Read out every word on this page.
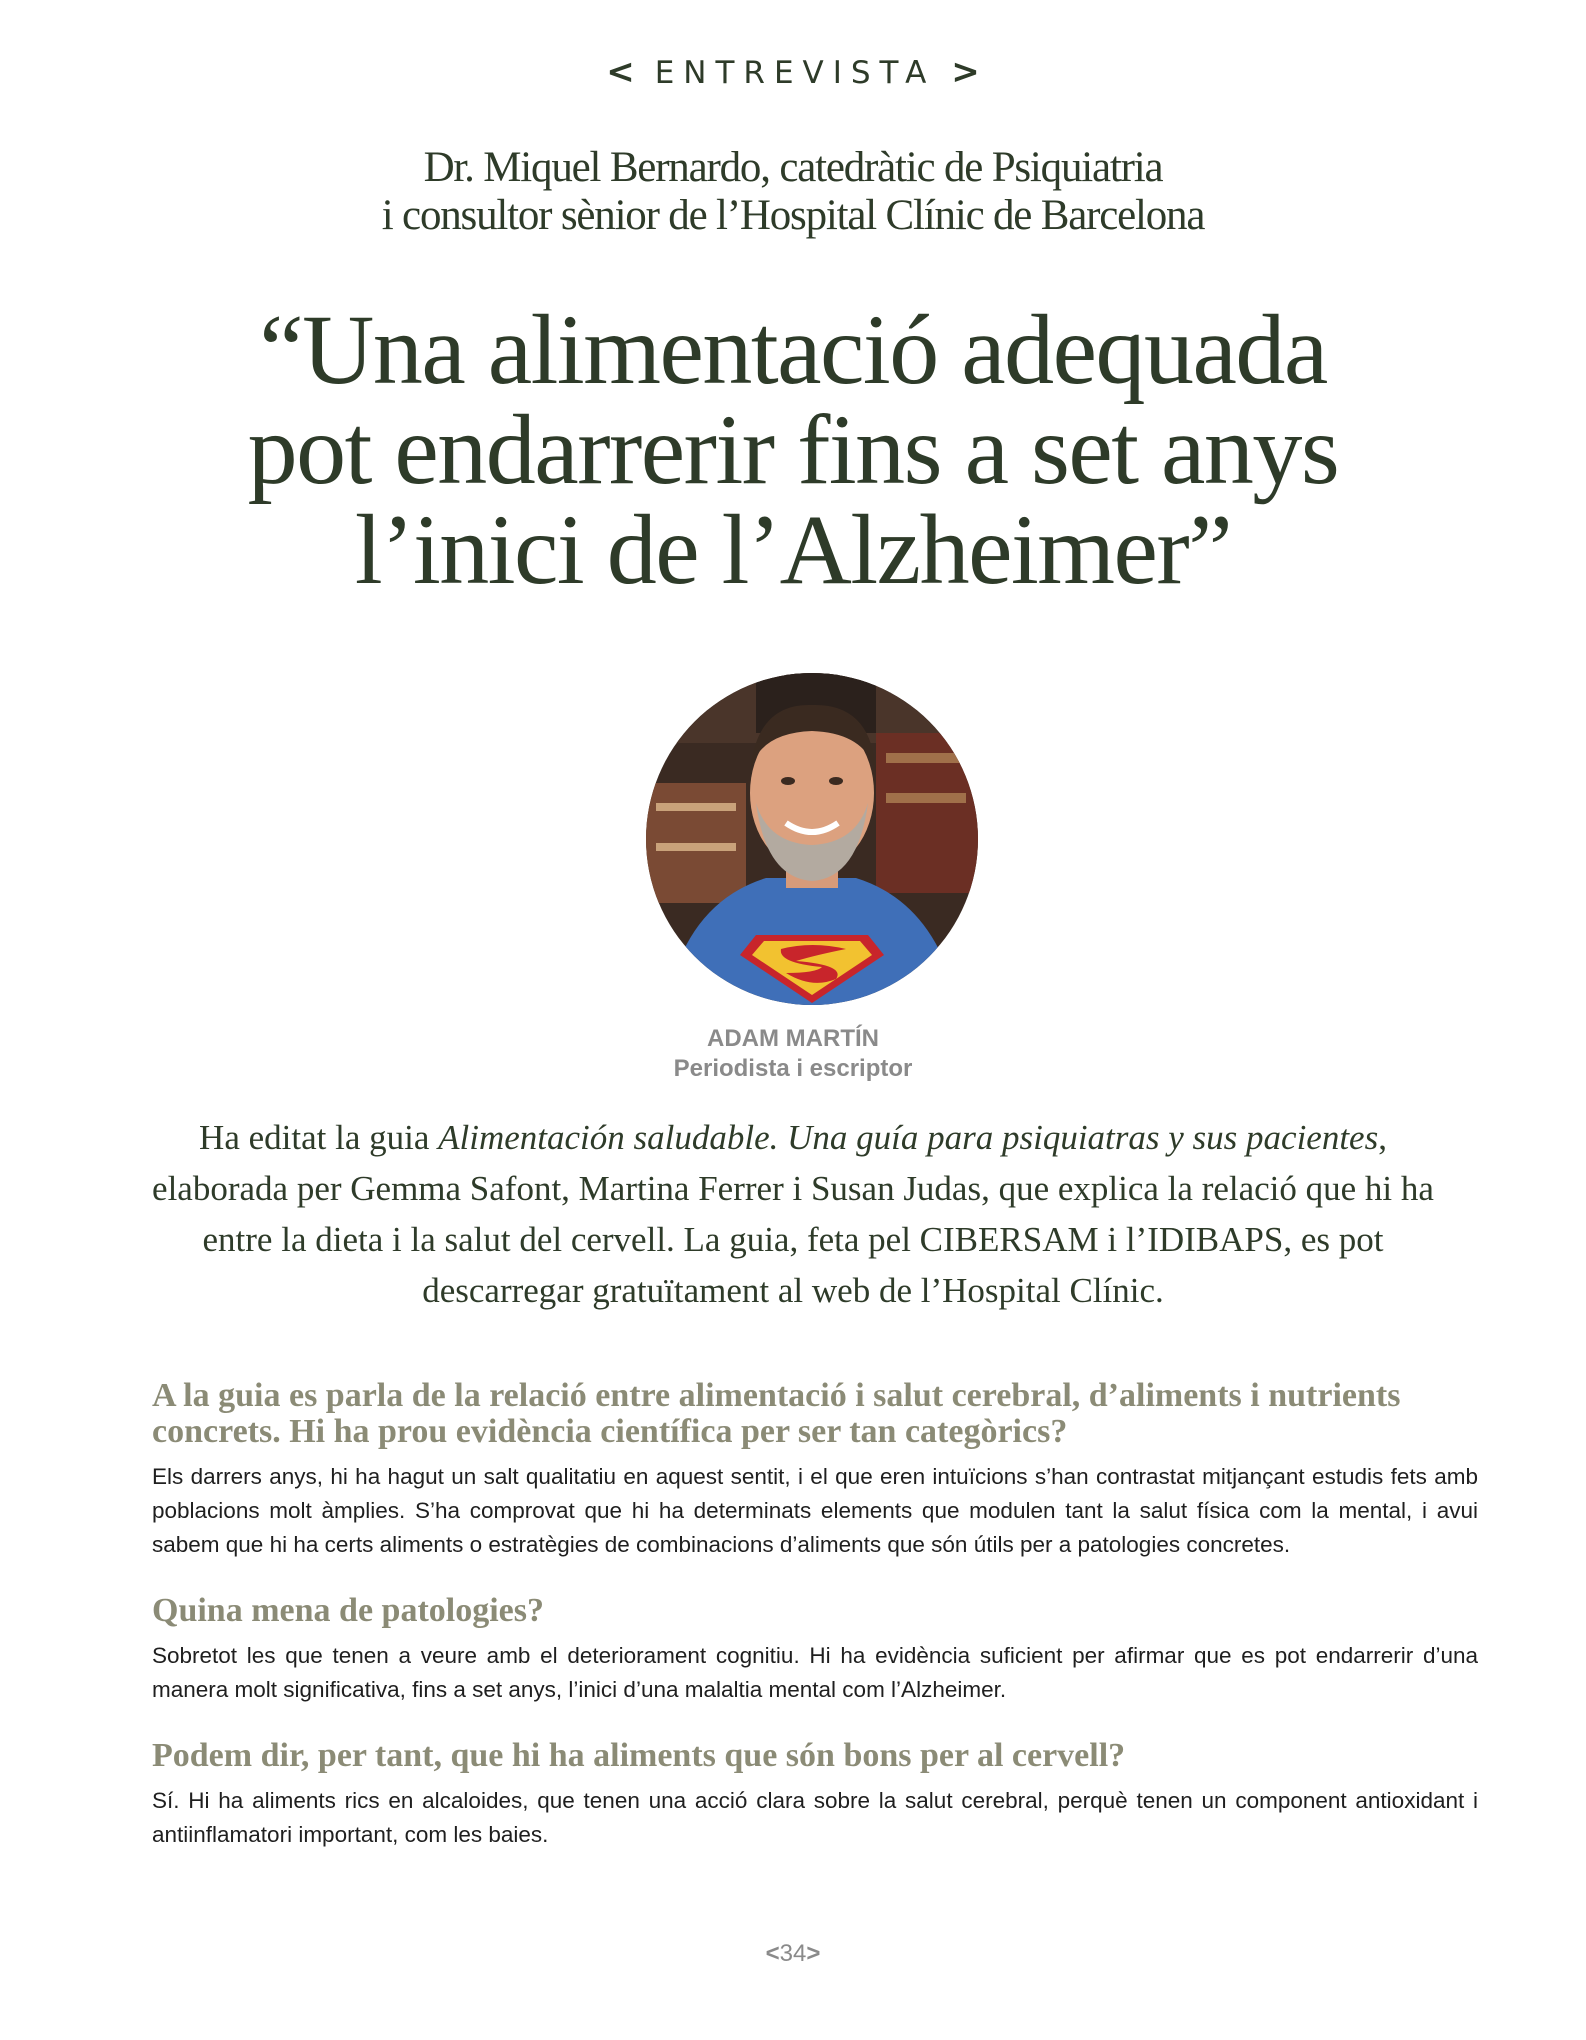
< ENTREVISTA >
Dr. Miquel Bernardo, catedràtic de Psiquiatria
i consultor sènior de l’Hospital Clínic de Barcelona
“Una alimentació adequada
pot endarrerir fins a set anys
l’inici de l’Alzheimer”
ADAM MARTÍN
Periodista i escriptor

Ha editat la guia Alimentación saludable. Una guía para psiquiatras y sus pacientes, elaborada per Gemma Safont, Martina Ferrer i Susan Judas, que explica la relació que hi ha entre la dieta i la salut del cervell. La guia, feta pel CIBERSAM i l’IDIBAPS, es pot descarregar gratuïtament al web de l’Hospital Clínic.

A la guia es parla de la relació entre alimentació i salut cerebral, d’aliments i nutrients concrets. Hi ha prou evidència científica per ser tan categòrics?

Els darrers anys, hi ha hagut un salt qualitatiu en aquest sentit, i el que eren intuïcions s’han contrastat mitjançant estudis fets amb poblacions molt àmplies. S’ha comprovat que hi ha determinats elements que modulen tant la salut física com la mental, i avui sabem que hi ha certs aliments o estratègies de combinacions d’aliments que són útils per a patologies concretes.

Quina mena de patologies?

Sobretot les que tenen a veure amb el deteriorament cognitiu. Hi ha evidència suficient per afirmar que es pot endarrerir d’una manera molt significativa, fins a set anys, l’inici d’una malaltia mental com l’Alzheimer.

Podem dir, per tant, que hi ha aliments que són bons per al cervell?

Sí. Hi ha aliments rics en alcaloides, que tenen una acció clara sobre la salut cerebral, perquè tenen un component antioxidant i antiinflamatori important, com les baies.

<34>
